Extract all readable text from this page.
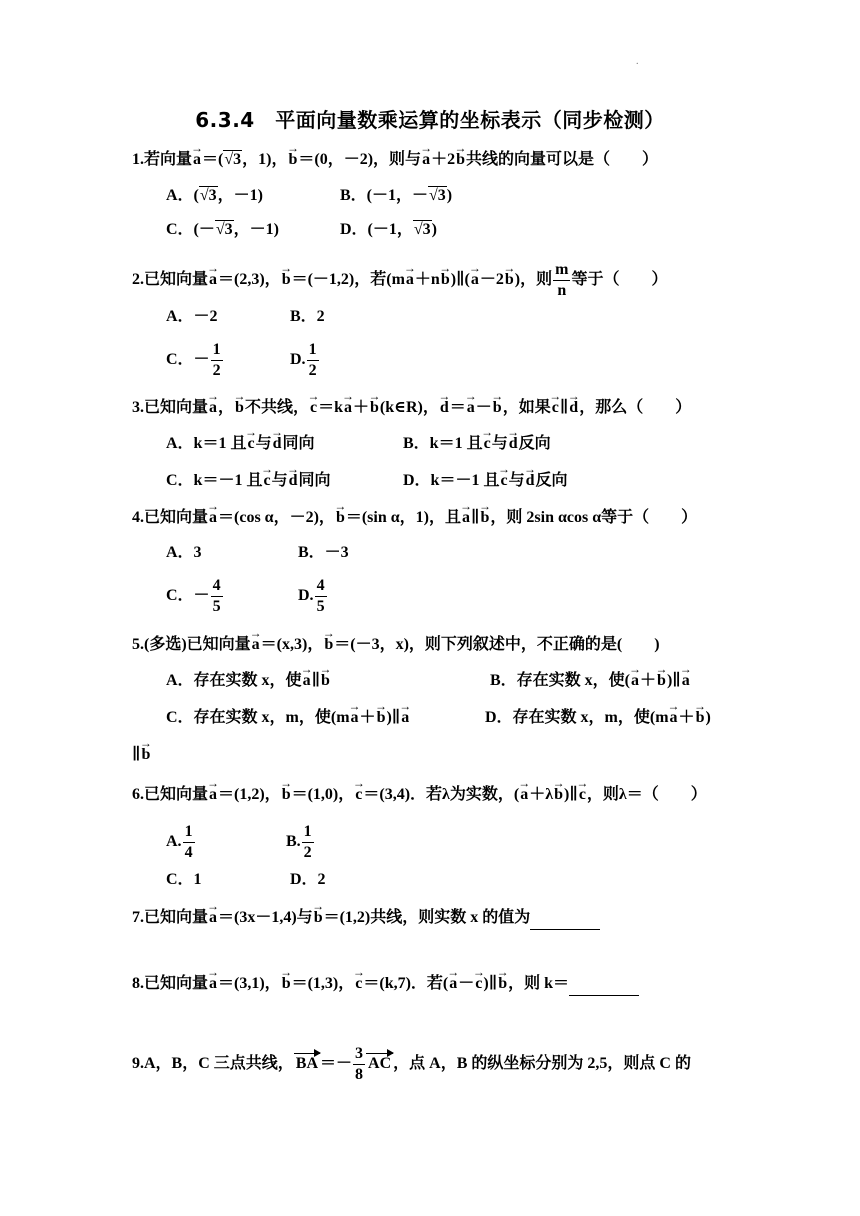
.
6.3.4　平面向量数乘运算的坐标表示（同步检测）
1.若向量→ a＝(√3，1)，→ b＝(0，－2)，则与→ a＋2→ b共线的向量可以是（　　）
A．(√3，－1)	B．(－1，－√3)
C．(－√3，－1)	D．(－1，√3)
2.已知向量→ a＝(2,3)，→ b＝(－1,2)，若(m→ a＋n→ b)∥(→ a－2→ b)，则 $\frac{m}{n}$ 等于（　　）
A．－2	B．2
C．－ $\frac{1}{2}$	D. $\frac{1}{2}$
3.已知向量→ a，→ b不共线，→ c＝k→ a＋→ b(k∈R)，→ d＝→ a－→ b，如果→ c∥→ d，那么（　　）
A．k＝1 且→ c与→ d同向	B．k＝1 且→ c与→ d反向
C．k＝－1 且→ c与→ d同向	D．k＝－1 且→ c与→ d反向
4.已知向量→ a＝(cos α，－2)，→ b＝(sin α，1)，且→ a∥→ b，则 2sin αcos α等于（　　）
A．3	B．－3
C．－ $\frac{4}{5}$	D. $\frac{4}{5}$
5.(多选)已知向量→ a＝(x,3)，→ b＝(－3，x)，则下列叙述中，不正确的是(　　)
A．存在实数 x，使→ a∥→ b	B．存在实数 x，使(→ a＋→ b)∥→ a
C．存在实数 x，m，使(m→ a＋→ b)∥→ a	D．存在实数 x，m，使(m→ a＋→ b)
∥→ b
6.已知向量→ a＝(1,2)，→ b＝(1,0)，→ c＝(3,4)．若λ为实数，(→ a＋λ→ b)∥→ c，则λ＝（　　）
A. $\frac{1}{4}$	B. $\frac{1}{2}$
C．1	D．2
7.已知向量→ a＝(3x－1,4)与→ b＝(1,2)共线，则实数 x 的值为
8.已知向量→ a＝(3,1)，→ b＝(1,3)，→ c＝(k,7)．若(→ a－→ c)∥→ b，则 k＝
9.A，B，C 三点共线， BA ＝－ $\frac{3}{8}$ AC ，点 A，B 的纵坐标分别为 2,5，则点 C 的
